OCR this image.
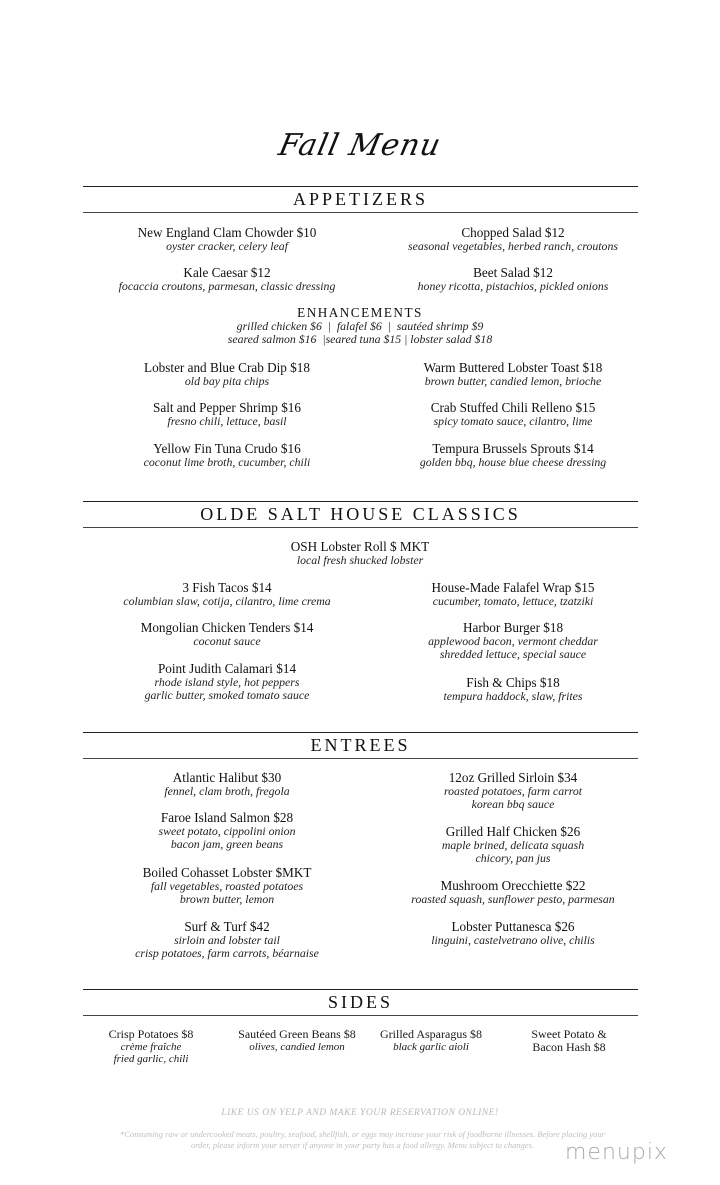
Fall Menu
APPETIZERS
New England Clam Chowder $10
oyster cracker, celery leaf
Kale Caesar $12
focaccia croutons, parmesan, classic dressing
Chopped Salad $12
seasonal vegetables, herbed ranch, croutons
Beet Salad $12
honey ricotta, pistachios, pickled onions
ENHANCEMENTS
grilled chicken $6  |  falafel $6  |  sautéed shrimp $9
seared salmon $16  |seared tuna $15 | lobster salad $18
Lobster and Blue Crab Dip $18
old bay pita chips
Salt and Pepper Shrimp $16
fresno chili, lettuce, basil
Yellow Fin Tuna Crudo $16
coconut lime broth, cucumber, chili
Warm Buttered Lobster Toast $18
brown butter, candied lemon, brioche
Crab Stuffed Chili Relleno $15
spicy tomato sauce, cilantro, lime
Tempura Brussels Sprouts $14
golden bbq, house blue cheese dressing
OLDE SALT HOUSE CLASSICS
OSH Lobster Roll $ MKT
local fresh shucked lobster
3 Fish Tacos $14
columbian slaw, cotija, cilantro, lime crema
Mongolian Chicken Tenders $14
coconut sauce
Point Judith Calamari $14
rhode island style, hot peppers
garlic butter, smoked tomato sauce
House-Made Falafel Wrap $15
cucumber, tomato, lettuce, tzatziki
Harbor Burger $18
applewood bacon, vermont cheddar
shredded lettuce, special sauce
Fish & Chips $18
tempura haddock, slaw, frites
ENTREES
Atlantic Halibut $30
fennel, clam broth, fregola
Faroe Island Salmon $28
sweet potato, cippolini onion
bacon jam, green beans
Boiled Cohasset Lobster $MKT
fall vegetables, roasted potatoes
brown butter, lemon
Surf & Turf $42
sirloin and lobster tail
crisp potatoes, farm carrots, béarnaise
12oz Grilled Sirloin $34
roasted potatoes, farm carrot
korean bbq sauce
Grilled Half Chicken $26
maple brined, delicata squash
chicory, pan jus
Mushroom Orecchiette $22
roasted squash, sunflower pesto, parmesan
Lobster Puttanesca $26
linguini, castelvetrano olive, chilis
SIDES
Crisp Potatoes $8
crème fraîche
fried garlic, chili
Sautéed Green Beans $8
olives, candied lemon
Grilled Asparagus $8
black garlic aioli
Sweet Potato &
Bacon Hash $8
LIKE US ON YELP AND MAKE YOUR RESERVATION ONLINE!
*Consuming raw or undercooked meats, poultry, seafood, shellfish, or eggs may increase your risk of foodborne illnesses. Before placing your
order, please inform your server if anyone in your party has a food allergy. Menu subject to changes.	menupix
